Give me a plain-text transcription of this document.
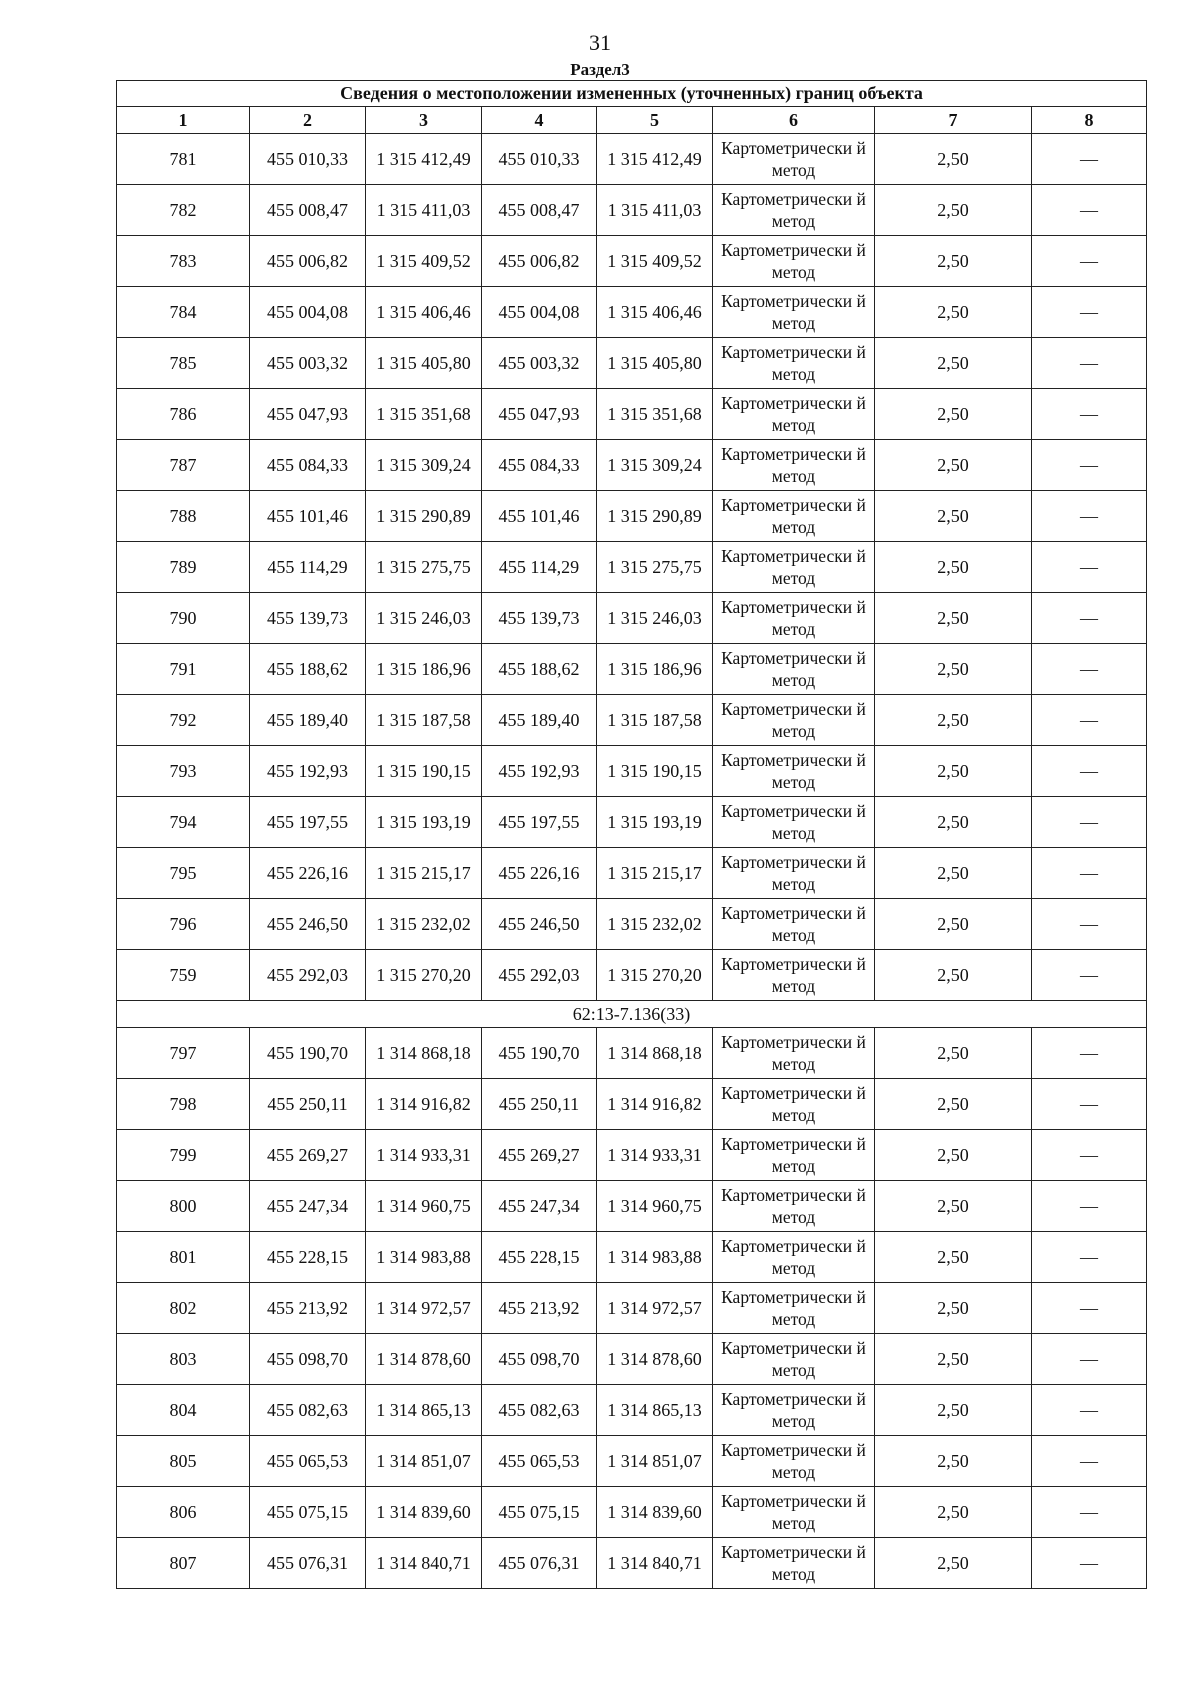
31
Раздел3
Сведения о местоположении измененных (уточненных) границ объекта							
1	2	3	4	5	6	7	8
781	455 010,33	1 315 412,49	455 010,33	1 315 412,49	Картометрически й метод	2,50	—
782	455 008,47	1 315 411,03	455 008,47	1 315 411,03	Картометрически й метод	2,50	—
783	455 006,82	1 315 409,52	455 006,82	1 315 409,52	Картометрически й метод	2,50	—
784	455 004,08	1 315 406,46	455 004,08	1 315 406,46	Картометрически й метод	2,50	—
785	455 003,32	1 315 405,80	455 003,32	1 315 405,80	Картометрически й метод	2,50	—
786	455 047,93	1 315 351,68	455 047,93	1 315 351,68	Картометрически й метод	2,50	—
787	455 084,33	1 315 309,24	455 084,33	1 315 309,24	Картометрически й метод	2,50	—
788	455 101,46	1 315 290,89	455 101,46	1 315 290,89	Картометрически й метод	2,50	—
789	455 114,29	1 315 275,75	455 114,29	1 315 275,75	Картометрически й метод	2,50	—
790	455 139,73	1 315 246,03	455 139,73	1 315 246,03	Картометрически й метод	2,50	—
791	455 188,62	1 315 186,96	455 188,62	1 315 186,96	Картометрически й метод	2,50	—
792	455 189,40	1 315 187,58	455 189,40	1 315 187,58	Картометрически й метод	2,50	—
793	455 192,93	1 315 190,15	455 192,93	1 315 190,15	Картометрически й метод	2,50	—
794	455 197,55	1 315 193,19	455 197,55	1 315 193,19	Картометрически й метод	2,50	—
795	455 226,16	1 315 215,17	455 226,16	1 315 215,17	Картометрически й метод	2,50	—
796	455 246,50	1 315 232,02	455 246,50	1 315 232,02	Картометрически й метод	2,50	—
759	455 292,03	1 315 270,20	455 292,03	1 315 270,20	Картометрически й метод	2,50	—
62:13-7.136(33)							
797	455 190,70	1 314 868,18	455 190,70	1 314 868,18	Картометрически й метод	2,50	—
798	455 250,11	1 314 916,82	455 250,11	1 314 916,82	Картометрически й метод	2,50	—
799	455 269,27	1 314 933,31	455 269,27	1 314 933,31	Картометрически й метод	2,50	—
800	455 247,34	1 314 960,75	455 247,34	1 314 960,75	Картометрически й метод	2,50	—
801	455 228,15	1 314 983,88	455 228,15	1 314 983,88	Картометрически й метод	2,50	—
802	455 213,92	1 314 972,57	455 213,92	1 314 972,57	Картометрически й метод	2,50	—
803	455 098,70	1 314 878,60	455 098,70	1 314 878,60	Картометрически й метод	2,50	—
804	455 082,63	1 314 865,13	455 082,63	1 314 865,13	Картометрически й метод	2,50	—
805	455 065,53	1 314 851,07	455 065,53	1 314 851,07	Картометрически й метод	2,50	—
806	455 075,15	1 314 839,60	455 075,15	1 314 839,60	Картометрически й метод	2,50	—
807	455 076,31	1 314 840,71	455 076,31	1 314 840,71	Картометрически й метод	2,50	—
